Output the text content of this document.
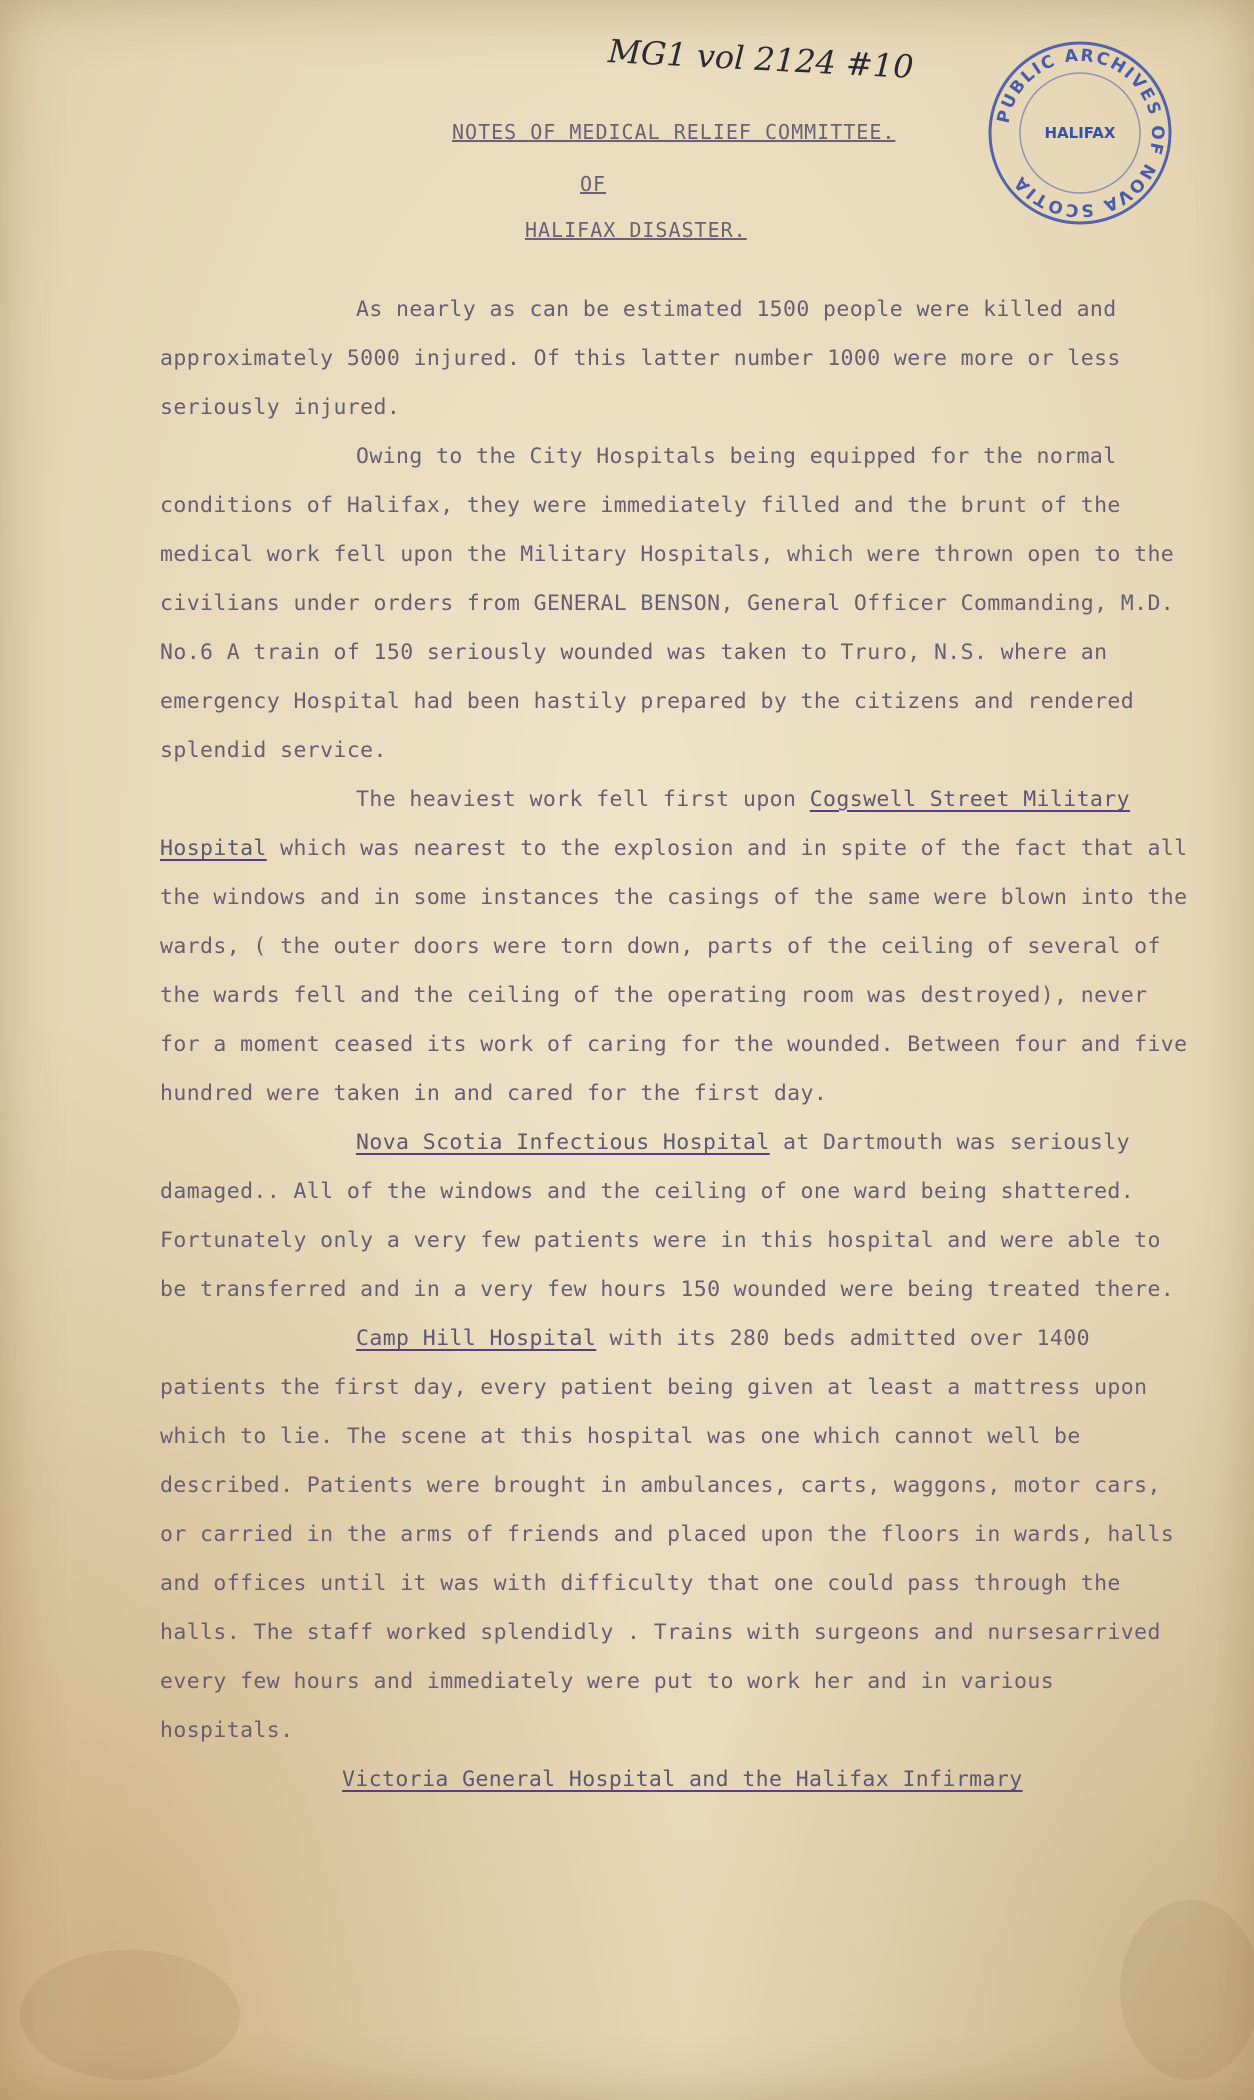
MG1 vol 2124 #10
PUBLIC ARCHIVES OF NOVA SCOTIA
HALIFAX
NOTES OF MEDICAL RELIEF COMMITTEE.
OF
HALIFAX DISASTER.

As nearly as can be estimated 1500 people were killed and approximately 5000 injured. Of this latter number 1000 were more or less seriously injured.

Owing to the City Hospitals being equipped for the normal conditions of Halifax, they were immediately filled and the brunt of the medical work fell upon the Military Hospitals, which were thrown open to the civilians under orders from GENERAL BENSON, General Officer Commanding, M.D. No.6 A train of 150 seriously wounded was taken to Truro, N.S. where an emergency Hospital had been hastily prepared by the citizens and rendered splendid service.

The heaviest work fell first upon Cogswell Street Military Hospital which was nearest to the explosion and in spite of the fact that all the windows and in some instances the casings of the same were blown into the wards, ( the outer doors were torn down, parts of the ceiling of several of the wards fell and the ceiling of the operating room was destroyed), never for a moment ceased its work of caring for the wounded. Between four and five hundred were taken in and cared for the first day.

Nova Scotia Infectious Hospital at Dartmouth was seriously damaged.. All of the windows and the ceiling of one ward being shattered. Fortunately only a very few patients were in this hospital and were able to be transferred and in a very few hours 150 wounded were being treated there.

Camp Hill Hospital with its 280 beds admitted over 1400 patients the first day, every patient being given at least a mattress upon which to lie. The scene at this hospital was one which cannot well be described. Patients were brought in ambulances, carts, waggons, motor cars, or carried in the arms of friends and placed upon the floors in wards, halls and offices until it was with difficulty that one could pass through the halls. The staff worked splendidly . Trains with surgeons and nursesarrived every few hours and immediately were put to work her and in various hospitals.

Victoria General Hospital and the Halifax Infirmary
